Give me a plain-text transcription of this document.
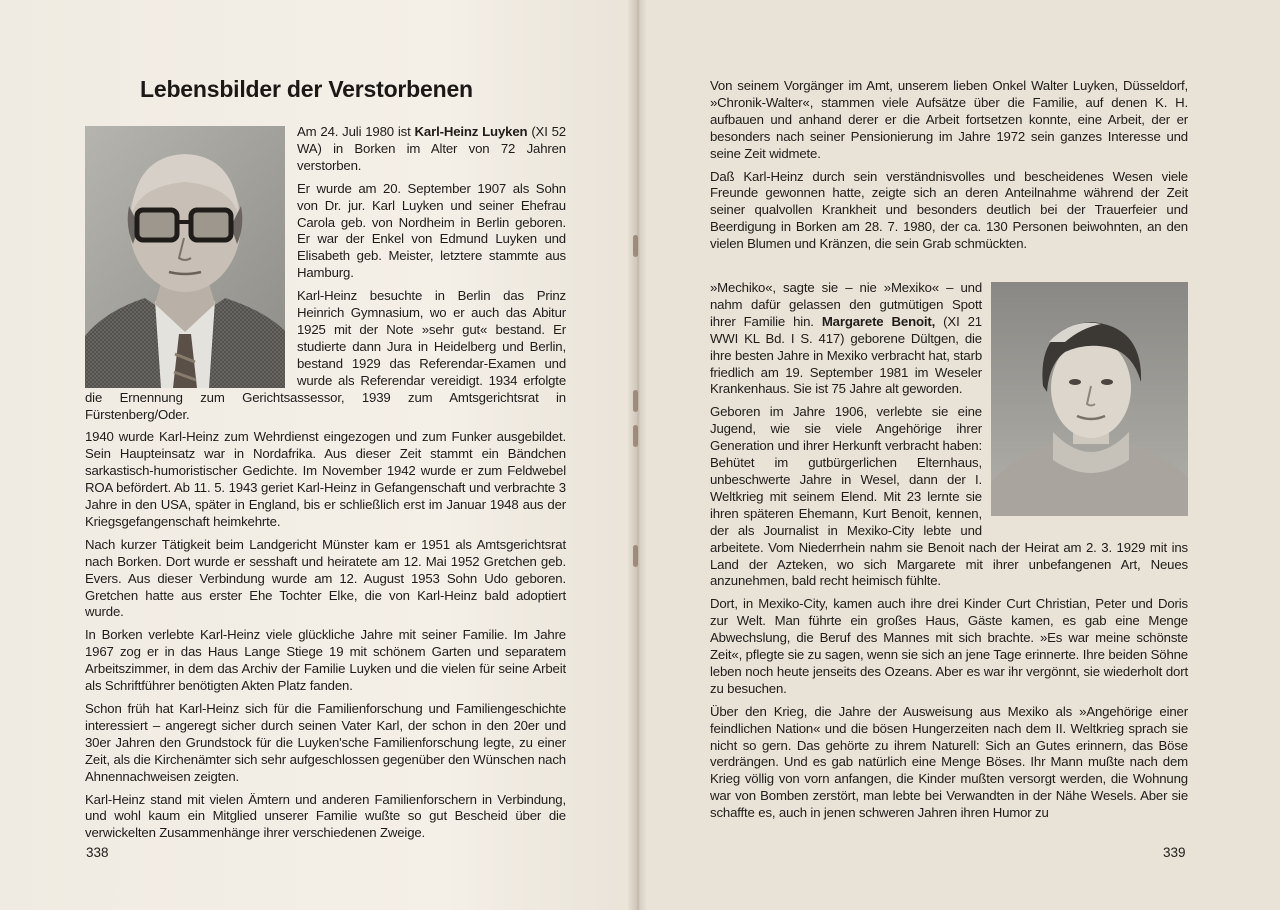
Lebensbilder der Verstorbenen

Am 24. Juli 1980 ist Karl-Heinz Luyken (XI 52 WA) in Borken im Alter von 72 Jahren verstorben.

Er wurde am 20. September 1907 als Sohn von Dr. jur. Karl Luyken und seiner Ehefrau Carola geb. von Nordheim in Berlin geboren. Er war der Enkel von Edmund Luyken und Elisabeth geb. Meister, letztere stammte aus Hamburg.

Karl-Heinz besuchte in Berlin das Prinz Heinrich Gymnasium, wo er auch das Abitur 1925 mit der Note »sehr gut« bestand. Er studierte dann Jura in Heidelberg und Berlin, bestand 1929 das Referendar-Examen und wurde als Referendar vereidigt. 1934 erfolgte die Ernennung zum Gerichtsassessor, 1939 zum Amtsgerichtsrat in Fürstenberg/Oder.

1940 wurde Karl-Heinz zum Wehrdienst eingezogen und zum Funker ausgebildet. Sein Haupteinsatz war in Nordafrika. Aus dieser Zeit stammt ein Bändchen sarkastisch-humoristischer Gedichte. Im November 1942 wurde er zum Feldwebel ROA befördert. Ab 11. 5. 1943 geriet Karl-Heinz in Gefangenschaft und verbrachte 3 Jahre in den USA, später in England, bis er schließlich erst im Januar 1948 aus der Kriegsgefangenschaft heimkehrte.

Nach kurzer Tätigkeit beim Landgericht Münster kam er 1951 als Amtsgerichtsrat nach Borken. Dort wurde er sesshaft und heiratete am 12. Mai 1952 Gretchen geb. Evers. Aus dieser Verbindung wurde am 12. August 1953 Sohn Udo geboren. Gretchen hatte aus erster Ehe Tochter Elke, die von Karl-Heinz bald adoptiert wurde.

In Borken verlebte Karl-Heinz viele glückliche Jahre mit seiner Familie. Im Jahre 1967 zog er in das Haus Lange Stiege 19 mit schönem Garten und separatem Arbeitszimmer, in dem das Archiv der Familie Luyken und die vielen für seine Arbeit als Schriftführer benötigten Akten Platz fanden.

Schon früh hat Karl-Heinz sich für die Familienforschung und Familiengeschichte interessiert – angeregt sicher durch seinen Vater Karl, der schon in den 20er und 30er Jahren den Grundstock für die Luyken'sche Familienforschung legte, zu einer Zeit, als die Kirchenämter sich sehr aufgeschlossen gegenüber den Wünschen nach Ahnennachweisen zeigten.

Karl-Heinz stand mit vielen Ämtern und anderen Familienforschern in Verbindung, und wohl kaum ein Mitglied unserer Familie wußte so gut Bescheid über die verwickelten Zusammenhänge ihrer verschiedenen Zweige.

338

Von seinem Vorgänger im Amt, unserem lieben Onkel Walter Luyken, Düsseldorf, »Chronik-Walter«, stammen viele Aufsätze über die Familie, auf denen K. H. aufbauen und anhand derer er die Arbeit fortsetzen konnte, eine Arbeit, der er besonders nach seiner Pensionierung im Jahre 1972 sein ganzes Interesse und seine Zeit widmete.

Daß Karl-Heinz durch sein verständnisvolles und bescheidenes Wesen viele Freunde gewonnen hatte, zeigte sich an deren Anteilnahme während der Zeit seiner qualvollen Krankheit und besonders deutlich bei der Trauerfeier und Beerdigung in Borken am 28. 7. 1980, der ca. 130 Personen beiwohnten, an den vielen Blumen und Kränzen, die sein Grab schmückten.

»Mechiko«, sagte sie – nie »Mexiko« – und nahm dafür gelassen den gutmütigen Spott ihrer Familie hin. Margarete Benoit, (XI 21 WWI KL Bd. I S. 417) geborene Dültgen, die ihre besten Jahre in Mexiko verbracht hat, starb friedlich am 19. September 1981 im Weseler Krankenhaus. Sie ist 75 Jahre alt geworden.

Geboren im Jahre 1906, verlebte sie eine Jugend, wie sie viele Angehörige ihrer Generation und ihrer Herkunft verbracht haben: Behütet im gutbürgerlichen Elternhaus, unbeschwerte Jahre in Wesel, dann der I. Weltkrieg mit seinem Elend. Mit 23 lernte sie ihren späteren Ehemann, Kurt Benoit, kennen, der als Journalist in Mexiko-City lebte und arbeitete. Vom Niederrhein nahm sie Benoit nach der Heirat am 2. 3. 1929 mit ins Land der Azteken, wo sich Margarete mit ihrer unbefangenen Art, Neues anzunehmen, bald recht heimisch fühlte.

Dort, in Mexiko-City, kamen auch ihre drei Kinder Curt Christian, Peter und Doris zur Welt. Man führte ein großes Haus, Gäste kamen, es gab eine Menge Abwechslung, die Beruf des Mannes mit sich brachte. »Es war meine schönste Zeit«, pflegte sie zu sagen, wenn sie sich an jene Tage erinnerte. Ihre beiden Söhne leben noch heute jenseits des Ozeans. Aber es war ihr vergönnt, sie wiederholt dort zu besuchen.

Über den Krieg, die Jahre der Ausweisung aus Mexiko als »Angehörige einer feindlichen Nation« und die bösen Hungerzeiten nach dem II. Weltkrieg sprach sie nicht so gern. Das gehörte zu ihrem Naturell: Sich an Gutes erinnern, das Böse verdrängen. Und es gab natürlich eine Menge Böses. Ihr Mann mußte nach dem Krieg völlig von vorn anfangen, die Kinder mußten versorgt werden, die Wohnung war von Bomben zerstört, man lebte bei Verwandten in der Nähe Wesels. Aber sie schaffte es, auch in jenen schweren Jahren ihren Humor zu

339
